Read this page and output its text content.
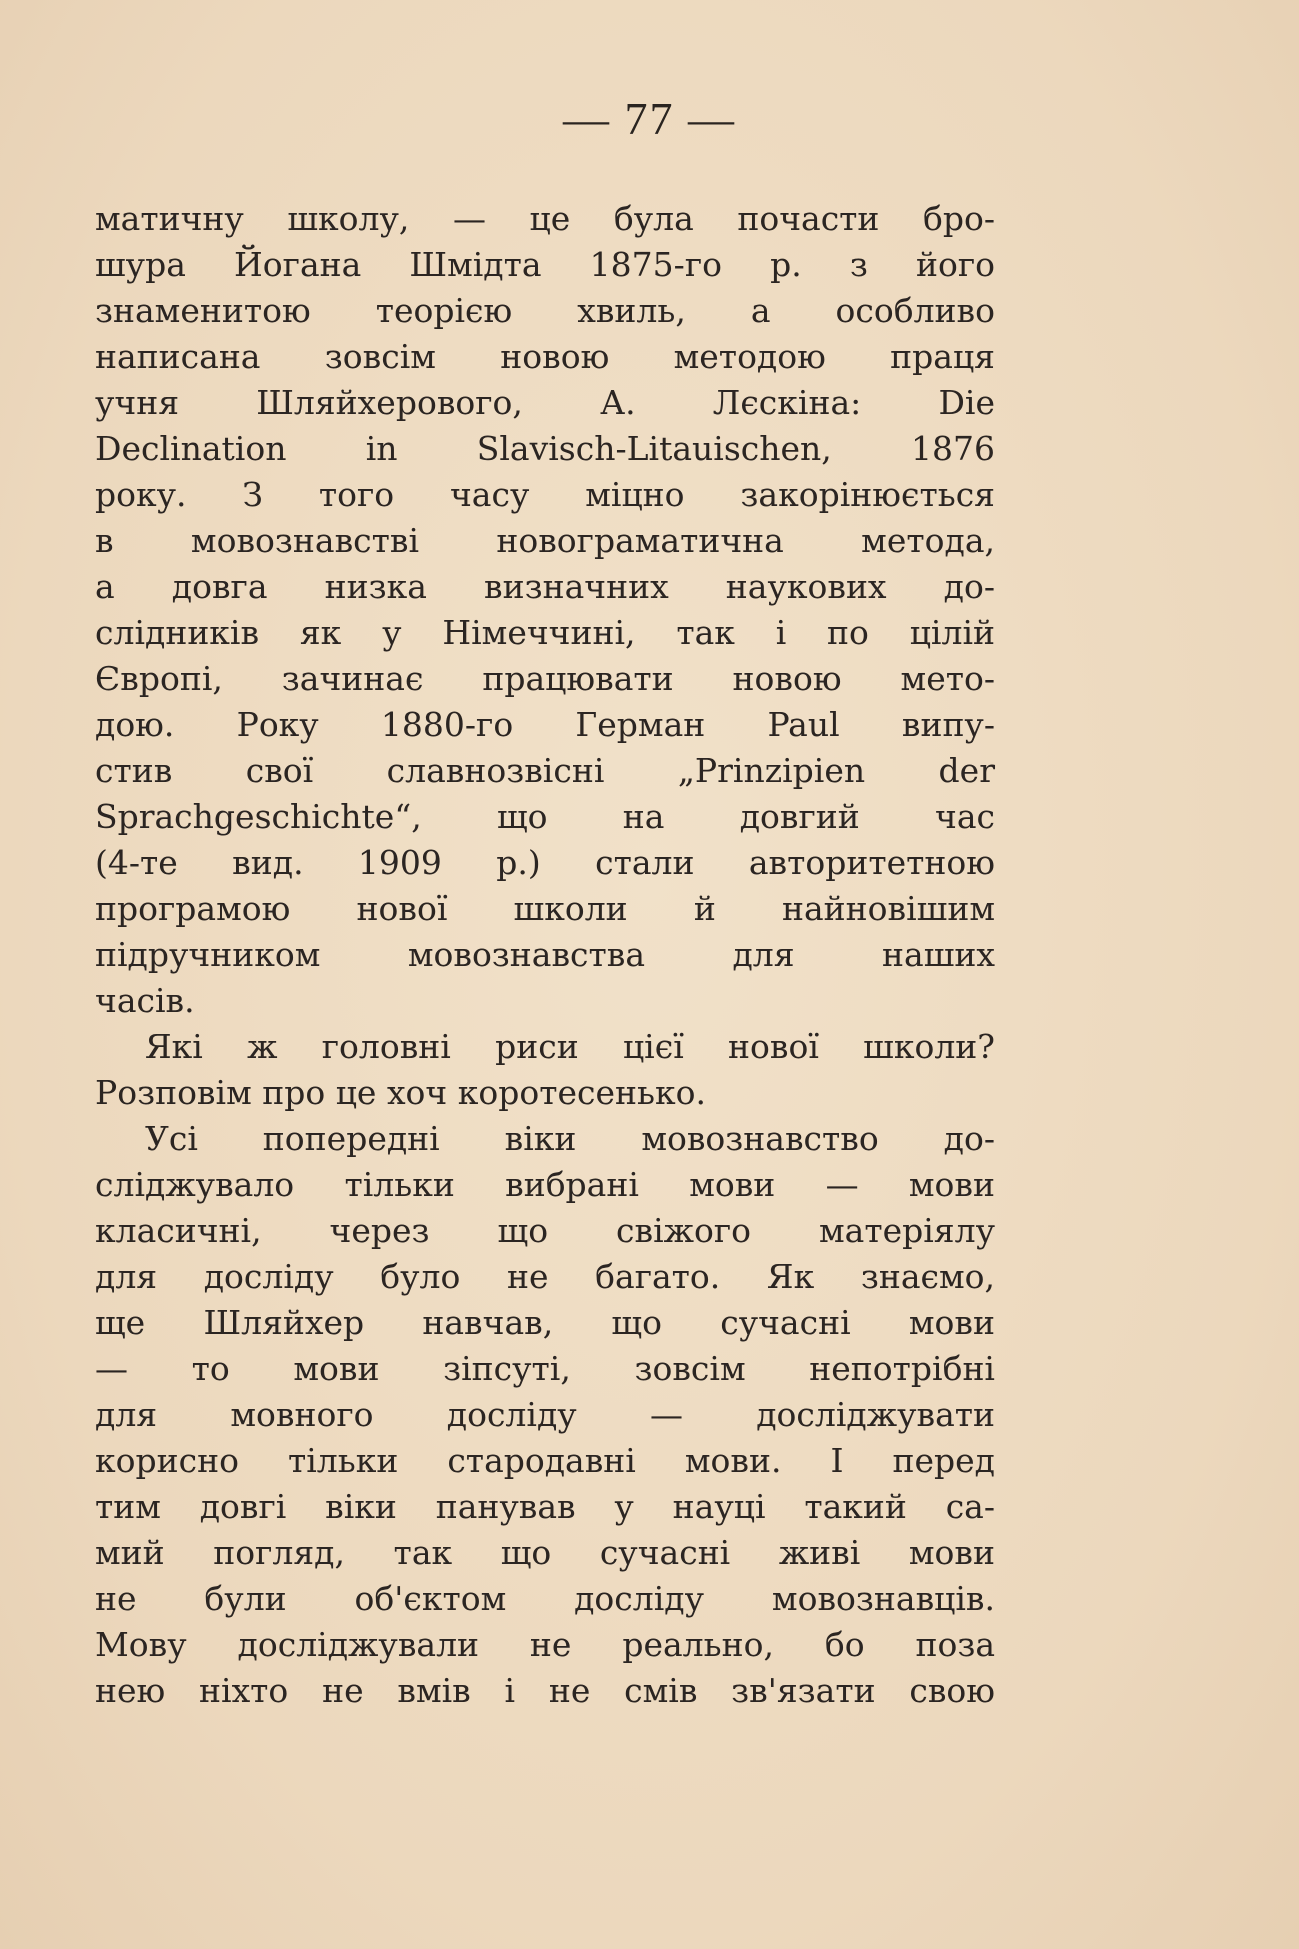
— 77 —
матичну школу, — це була почасти бро-
шура Йогана Шмідта 1875-го р. з його
знаменитою теорією хвиль, а особливо
написана зовсім новою методою праця
учня Шляйхерового, А. Лєскіна: Die
Declination in Slavisch-Litauischen, 1876
року. З того часу міцно закорінюється
в мовознавстві новограматична метода,
а довга низка визначних наукових до-
слідників як у Німеччині, так і по цілій
Європі, зачинає працювати новою мето-
дою. Року 1880-го Герман Paul випу-
стив свої славнозвісні „Prinzipien der
Sprachgeschichte“, що на довгий час
(4-те вид. 1909 р.) стали авторитетною
програмою нової школи й найновішим
підручником мовознавства для наших
часів.
Які ж головні риси цієї нової школи?
Розповім про це хоч коротесенько.
Усі попередні віки мовознавство до-
сліджувало тільки вибрані мови — мови
класичні, через що свіжого матеріялу
для досліду було не багато. Як знаємо,
ще Шляйхер навчав, що сучасні мови
— то мови зіпсуті, зовсім непотрібні
для мовного досліду — досліджувати
корисно тільки стародавні мови. І перед
тим довгі віки панував у науці такий са-
мий погляд, так що сучасні живі мови
не були об'єктом досліду мовознавців.
Мову досліджували не реально, бо поза
нею ніхто не вмів і не смів зв'язати свою
